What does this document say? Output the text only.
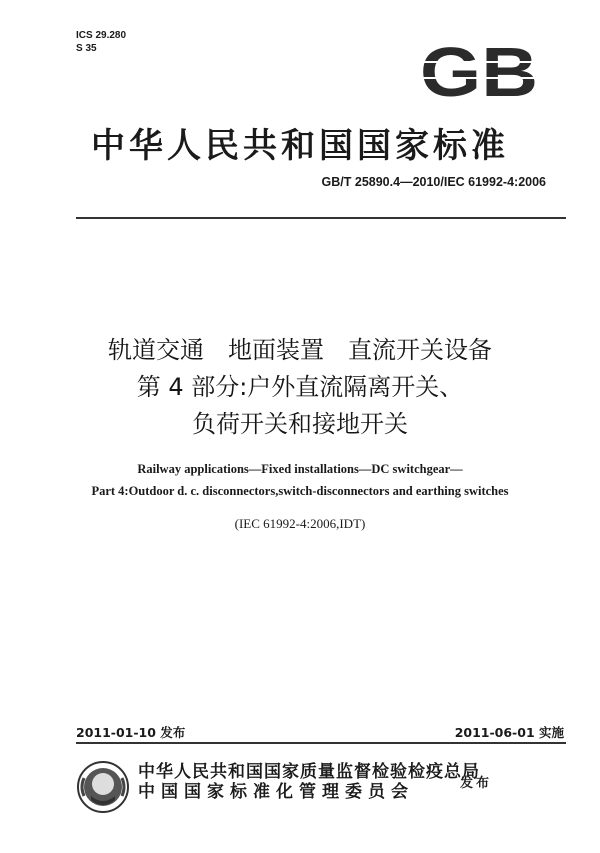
ICS 29.280
S 35	GB
中华人民共和国国家标准
GB/T 25890.4—2010/IEC 61992-4:2006
轨道交通　地面装置　直流开关设备
第 4 部分:户外直流隔离开关、
负荷开关和接地开关
Railway applications—Fixed installations—DC switchgear—
Part 4:Outdoor d. c. disconnectors,switch-disconnectors and earthing switches
(IEC 61992-4:2006,IDT)
2011-01-10 发布	2011-06-01 实施
中华人民共和国国家质量监督检验检疫总局
中国国家标准化管理委员会	发布
